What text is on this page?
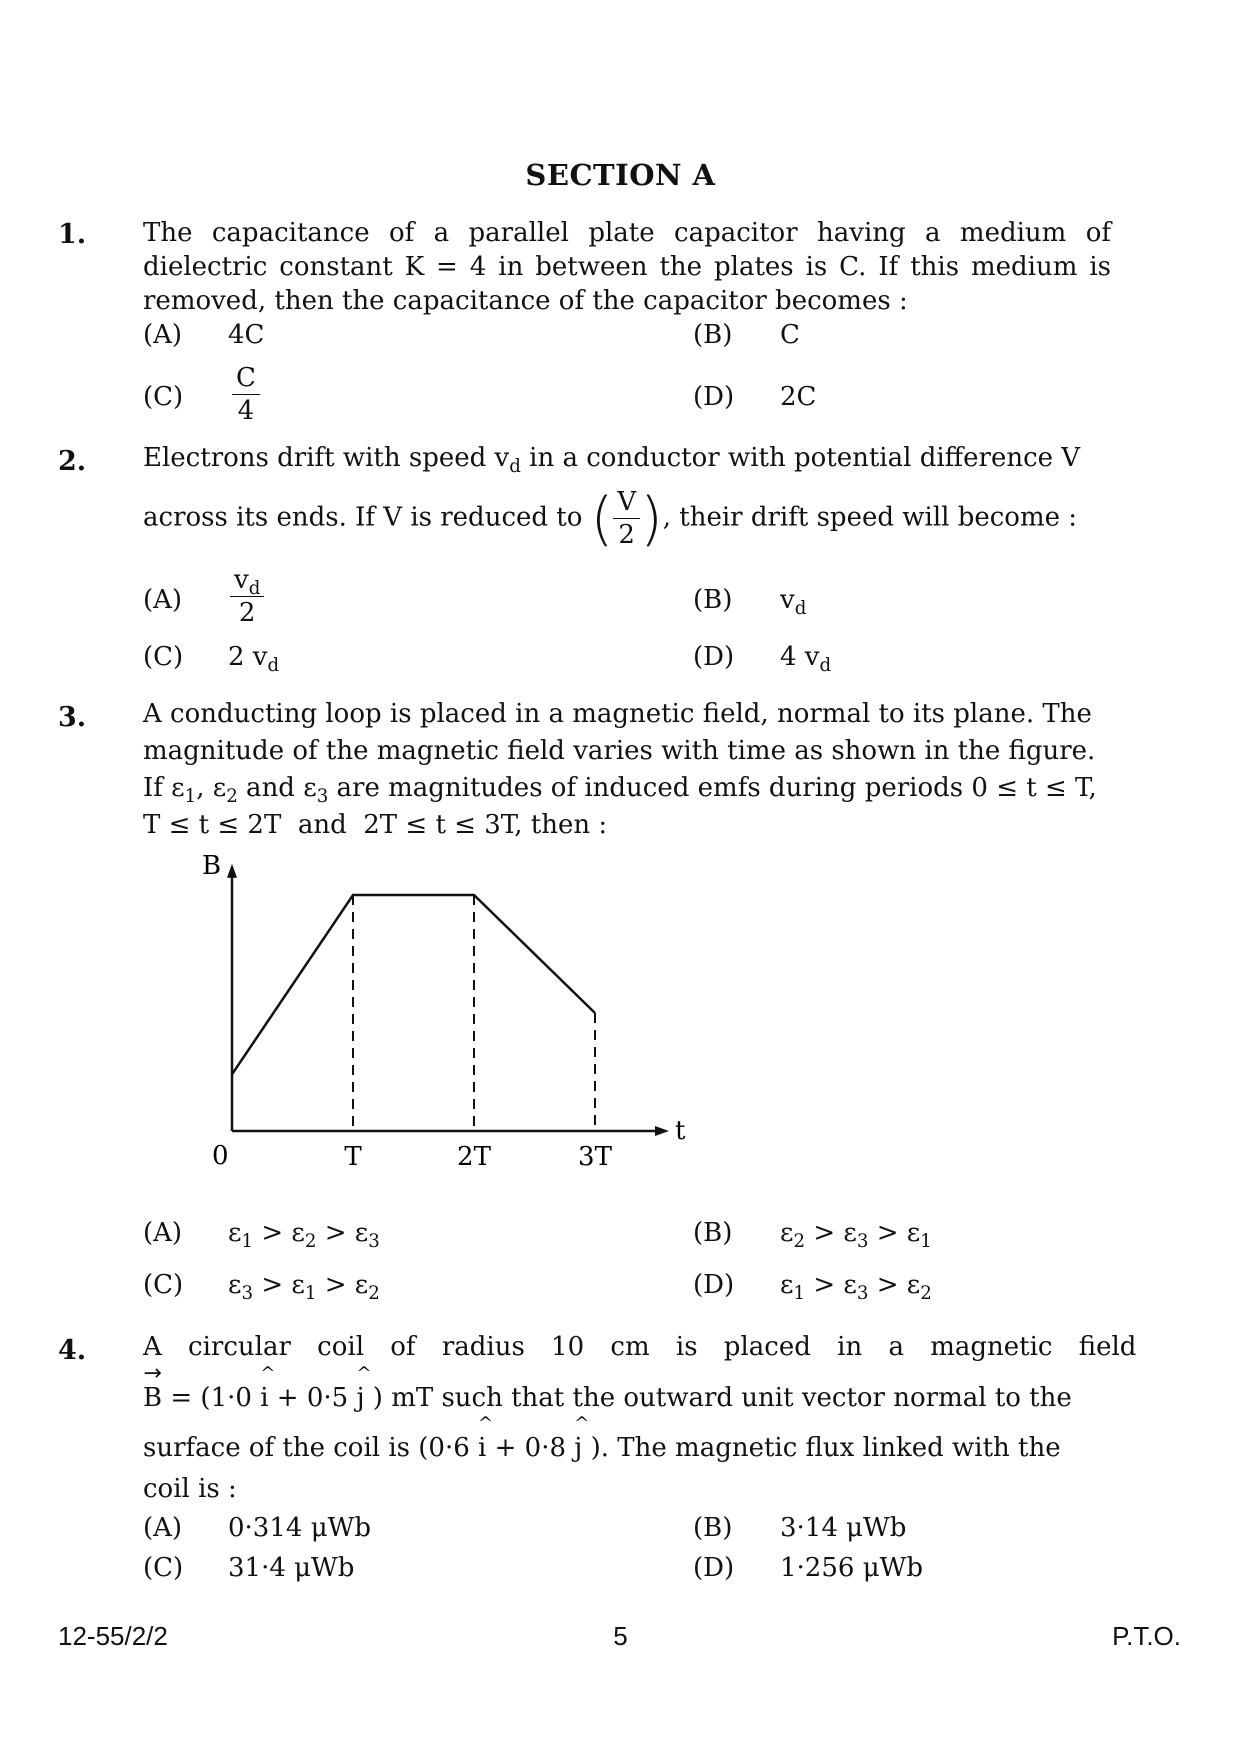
SECTION A
1. The capacitance of a parallel plate capacitor having a medium of dielectric constant K = 4 in between the plates is C. If this medium is removed, then the capacitance of the capacitor becomes :
(A) 4C	(B) C
$(C) \frac{C}{4}$	(D) 2C
2. Electrons drift with speed $v_d$ in a conductor with potential difference V
across its ends. If V is reduced to ( $\frac{V}{2}$ ), their drift speed will become :
$(A) \frac{v_d}{2}$	(B) $v_d$
(C) 2 $v_d$	(D) 4 $v_d$
3. A conducting loop is placed in a magnetic field, normal to its plane. The
magnitude of the magnetic field varies with time as shown in the figure.
If $\varepsilon_1$, $\varepsilon_2$ and $\varepsilon_3$ are magnitudes of induced emfs during periods 0 ≤ t ≤ T,
T ≤ t ≤ 2T  and  2T ≤ t ≤ 3T, then :
B
t
0	T	2T	3T
(A) $\varepsilon_1 > \varepsilon_2 > \varepsilon_3$	(B) $\varepsilon_2 > \varepsilon_3 > \varepsilon_1$
(C) $\varepsilon_3 > \varepsilon_1 > \varepsilon_2$	(D) $\varepsilon_1 > \varepsilon_3 > \varepsilon_2$
4. A circular coil of radius 10 cm is placed in a magnetic field
→
B = (1·0
^
i + 0·5
^
j ) mT such that the outward unit vector normal to the
surface of the coil is (0·6
^
i + 0·8
^
j ). The magnetic flux linked with the
coil is :
(A) 0·314 μWb	(B) 3·14 μWb
(C) 31·4 μWb	(D) 1·256 μWb
12-55/2/2	5	P.T.O.
